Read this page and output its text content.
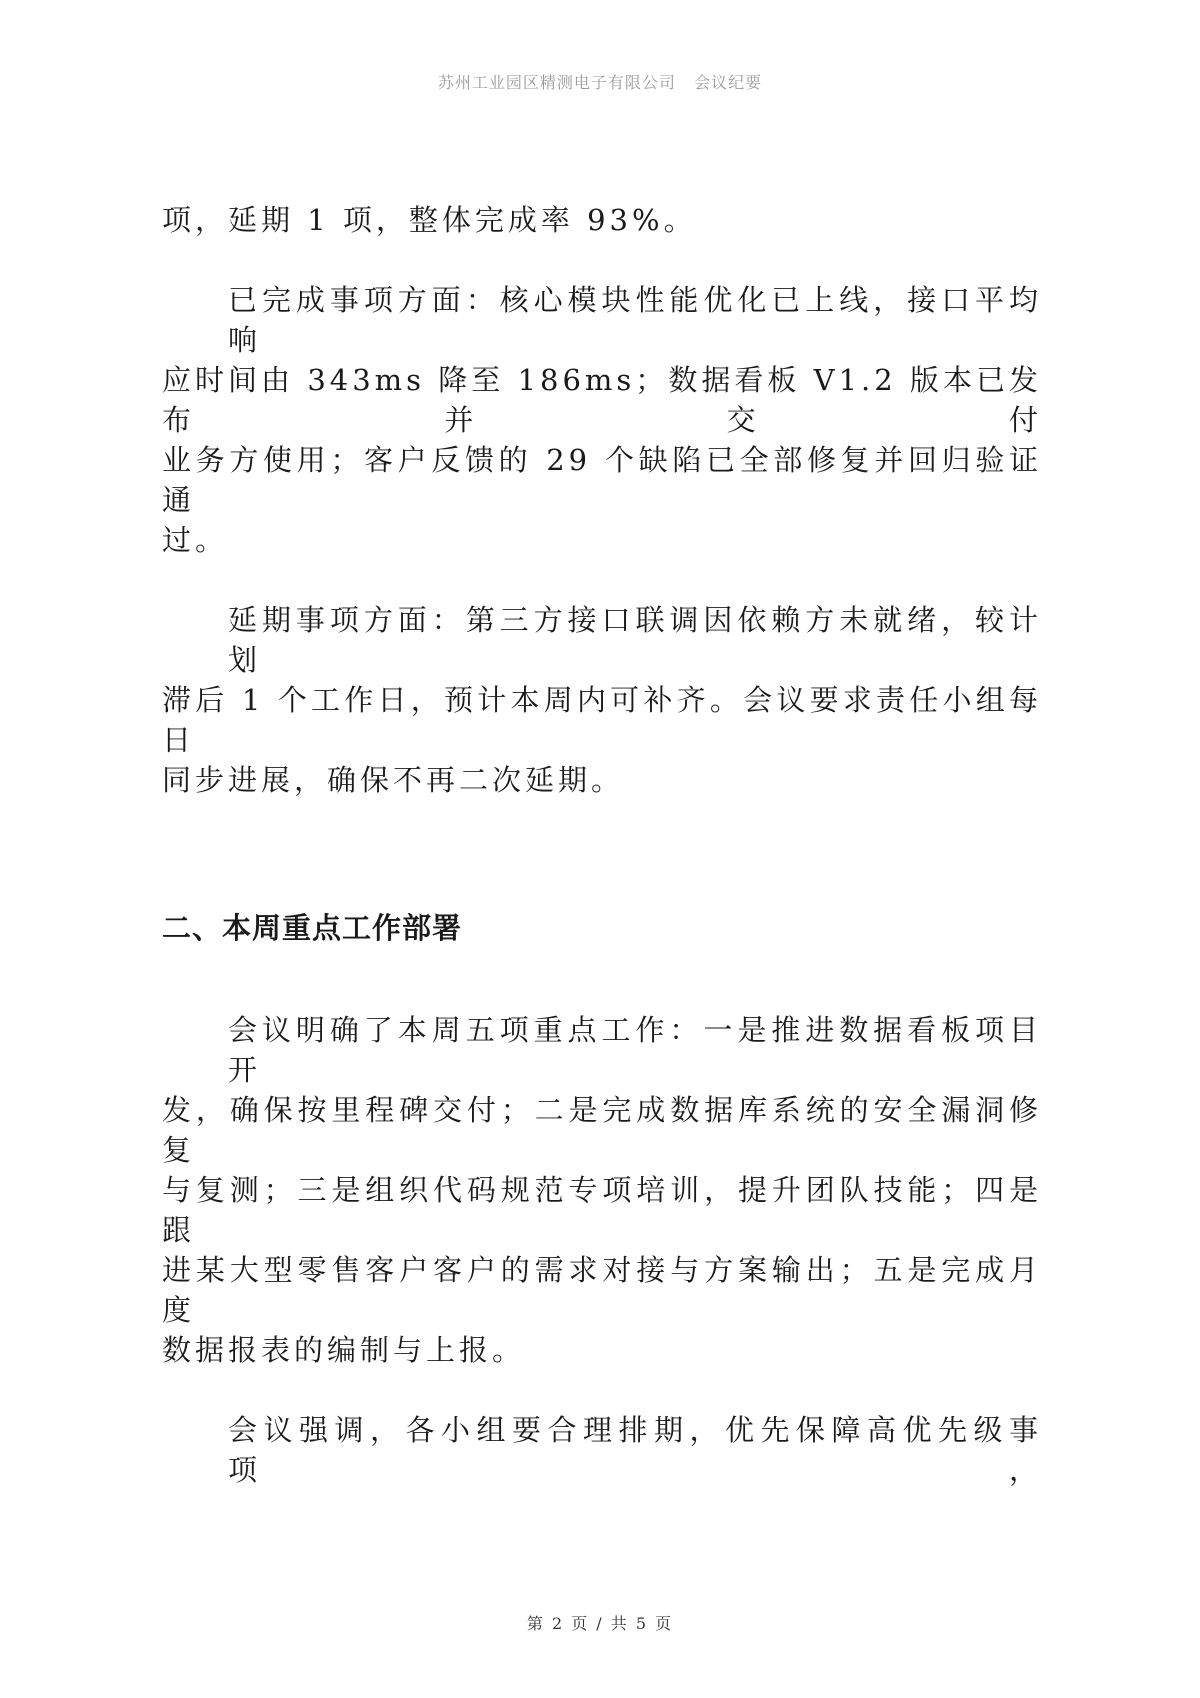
苏州工业园区精测电子有限公司   会议纪要
项，延期 1 项，整体完成率 93%。
已完成事项方面：核心模块性能优化已上线，接口平均响
应时间由 343ms 降至 186ms；数据看板 V1.2 版本已发布并交付
业务方使用；客户反馈的 29 个缺陷已全部修复并回归验证通
过。
延期事项方面：第三方接口联调因依赖方未就绪，较计划
滞后 1 个工作日，预计本周内可补齐。会议要求责任小组每日
同步进展，确保不再二次延期。
二、本周重点工作部署
会议明确了本周五项重点工作：一是推进数据看板项目开
发，确保按里程碑交付；二是完成数据库系统的安全漏洞修复
与复测；三是组织代码规范专项培训，提升团队技能；四是跟
进某大型零售客户客户的需求对接与方案输出；五是完成月度
数据报表的编制与上报。
会议强调，各小组要合理排期，优先保障高优先级事项，
第 2 页 / 共 5 页
